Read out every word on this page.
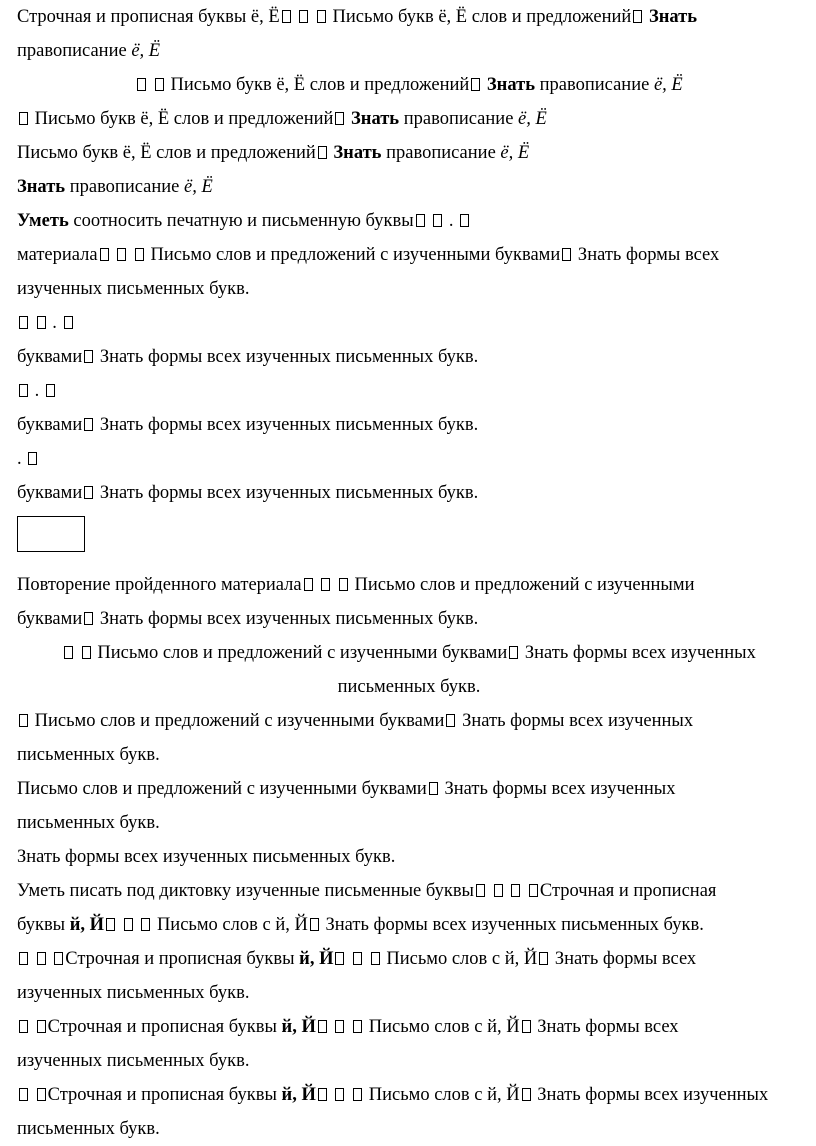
Строчная и прописная буквы ё, Ё	Письмо букв ё, Ё слов и предложений Знать

правописание ё, Ё

Письмо букв ё, Ё слов и предложений Знать правописание ё, Ё

Письмо букв ё, Ё слов и предложений Знать правописание ё, Ё

Письмо букв ё, Ё слов и предложений Знать правописание ё, Ё

Знать правописание ё, Ё

Уметь соотносить печатную и письменную буквы .

материала	Письмо слов и предложений с изученными буквами Знать формы всех

изученных письменных букв.

.

буквами Знать формы всех изученных письменных букв.

.

буквами Знать формы всех изученных письменных букв.

.

буквами Знать формы всех изученных письменных букв.

Повторение пройденного материала	Письмо слов и предложений с изученными

буквами Знать формы всех изученных письменных букв.

Письмо слов и предложений с изученными буквами Знать формы всех изученных

письменных букв.

Письмо слов и предложений с изученными буквами Знать формы всех изученных

письменных букв.

Письмо слов и предложений с изученными буквами Знать формы всех изученных

письменных букв.

Знать формы всех изученных письменных букв.

Уметь писать под диктовку изученные письменные буквы	Строчная и прописная

буквы й, Й	Письмо слов с й, Й Знать формы всех изученных письменных букв.

Строчная и прописная буквы й, Й	Письмо слов с й, Й Знать формы всех

изученных письменных букв.

Строчная и прописная буквы й, Й	Письмо слов с й, Й Знать формы всех

изученных письменных букв.

Строчная и прописная буквы й, Й	Письмо слов с й, Й Знать формы всех изученных

письменных букв.
